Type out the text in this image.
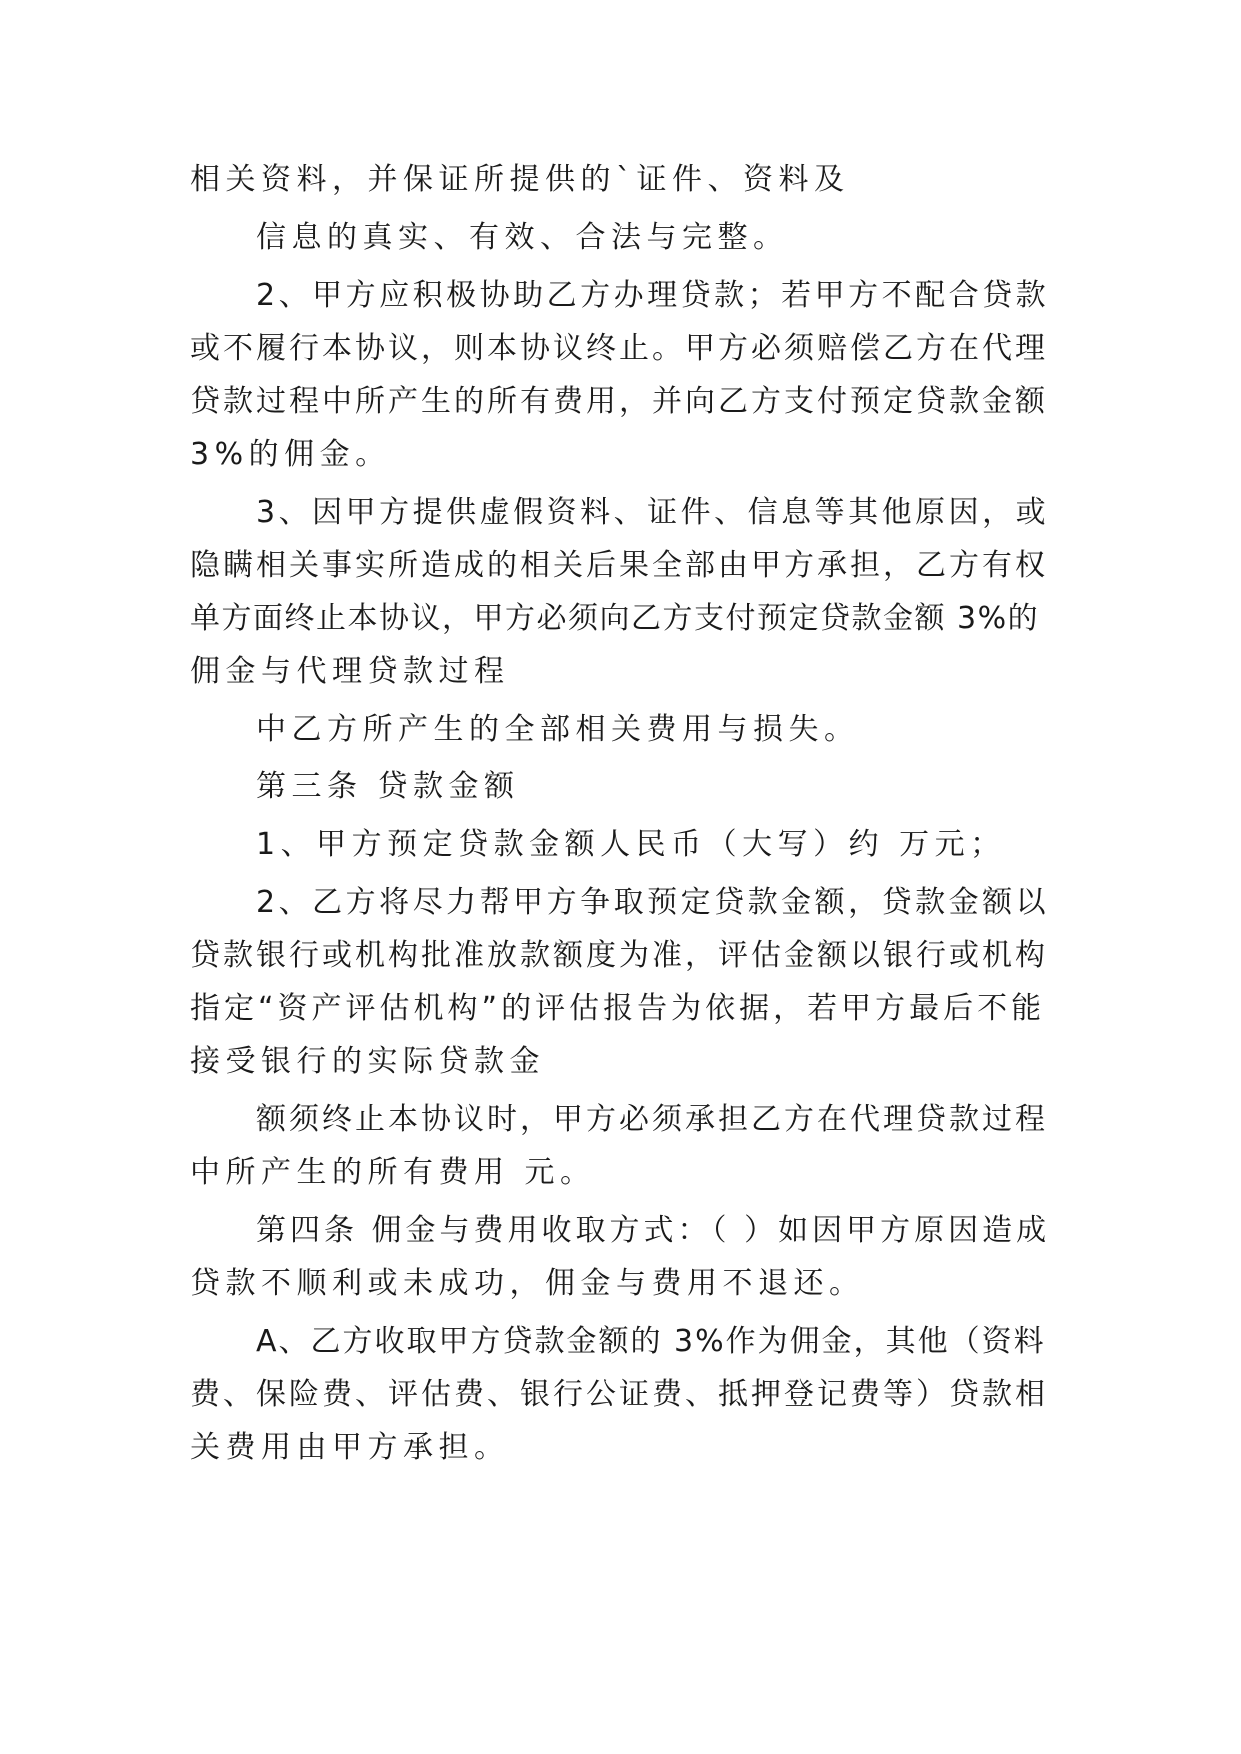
相关资料，并保证所提供的`证件、资料及
信息的真实、有效、合法与完整。
2、甲方应积极协助乙方办理贷款；若甲方不配合贷款
或不履行本协议，则本协议终止。甲方必须赔偿乙方在代理
贷款过程中所产生的所有费用，并向乙方支付预定贷款金额
3%的佣金。
3、因甲方提供虚假资料、证件、信息等其他原因，或
隐瞒相关事实所造成的相关后果全部由甲方承担，乙方有权
单方面终止本协议，甲方必须向乙方支付预定贷款金额 3%的
佣金与代理贷款过程
中乙方所产生的全部相关费用与损失。
第三条 贷款金额
1、甲方预定贷款金额人民币（大写）约 万元；
2、乙方将尽力帮甲方争取预定贷款金额，贷款金额以
贷款银行或机构批准放款额度为准，评估金额以银行或机构
指定“资产评估机构”的评估报告为依据，若甲方最后不能
接受银行的实际贷款金
额须终止本协议时，甲方必须承担乙方在代理贷款过程
中所产生的所有费用 元。
第四条 佣金与费用收取方式：（ ）如因甲方原因造成
贷款不顺利或未成功，佣金与费用不退还。
A、乙方收取甲方贷款金额的 3%作为佣金，其他（资料
费、保险费、评估费、银行公证费、抵押登记费等）贷款相
关费用由甲方承担。
